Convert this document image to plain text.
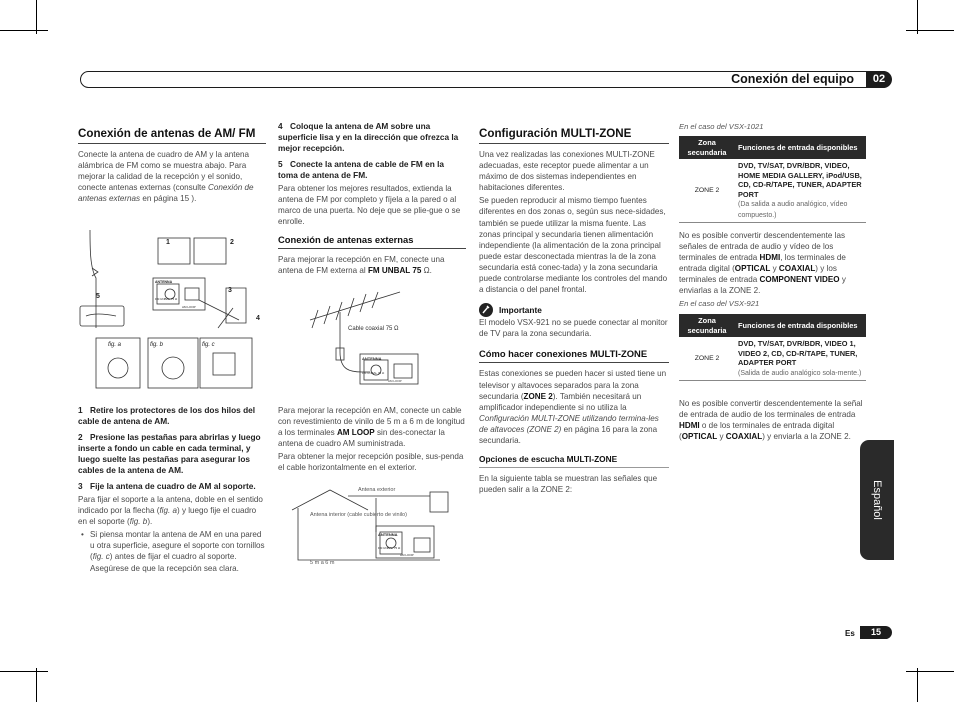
Conexión del equipo	02
Español
Es	15
Conexión de antenas de AM/ FM

Conecte la antena de cuadro de AM y la antena alámbrica de FM como se muestra abajo. Para mejorar la calidad de la recepción y el sonido, conecte antenas externas (consulte Conexión de antenas externas en página 15 ).

1	2
3
4
5
ANTENNA
FM UNBAL 75 Ω
AM LOOP
fig. a	fig. b	fig. c

1 Retire los protectores de los dos hilos del cable de antena de AM.

2 Presione las pestañas para abrirlas y luego inserte a fondo un cable en cada terminal, y luego suelte las pestañas para asegurar los cables de la antena de AM.

3 Fije la antena de cuadro de AM al soporte.

Para fijar el soporte a la antena, doble en el sentido indicado por la flecha (fig. a) y luego fije el cuadro en el soporte (fig. b).

• Si piensa montar la antena de AM en una pared u otra superficie, asegure el soporte con tornillos (fig. c) antes de fijar el cuadro al soporte. Asegúrese de que la recepción sea clara.

4 Coloque la antena de AM sobre una superficie lisa y en la dirección que ofrezca la mejor recepción.

5 Conecte la antena de cable de FM en la toma de antena de FM.

Para obtener los mejores resultados, extienda la antena de FM por completo y fíjela a la pared o al marco de una puerta. No deje que se plie-gue o se enrolle.

Conexión de antenas externas

Para mejorar la recepción en FM, conecte una antena de FM externa al FM UNBAL 75 Ω.

Cable coaxial 75 Ω
ANTENNA
FM UNBAL 75 Ω
AM LOOP

Para mejorar la recepción en AM, conecte un cable con revestimiento de vinilo de 5 m a 6 m de longitud a los terminales AM LOOP sin des-conectar la antena de cuadro AM suministrada.

Para obtener la mejor recepción posible, sus-penda el cable horizontalmente en el exterior.

Antena exterior
Antena interior (cable cubierto de vinilo)
5 m a 6 m
ANTENNA
FM UNBAL 75 Ω
AM LOOP
Configuración MULTI-ZONE

Una vez realizadas las conexiones MULTI-ZONE adecuadas, este receptor puede alimentar a un máximo de dos sistemas independientes en habitaciones diferentes.

Se pueden reproducir al mismo tiempo fuentes diferentes en dos zonas o, según sus nece-sidades, también se puede utilizar la misma fuente. Las zonas principal y secundaria tienen alimentación independiente (la alimentación de la zona principal puede estar desconectada mientras la de la zona secundaria está conec-tada) y la zona secundaria puede controlarse mediante los controles del mando a distancia o del panel frontal.

Importante

El modelo VSX-921 no se puede conectar al monitor de TV para la zona secundaria.

Cómo hacer conexiones MULTI-ZONE

Estas conexiones se pueden hacer si usted tiene un televisor y altavoces separados para la zona secundaria (ZONE 2). También necesitará un amplificador independiente si no utiliza la Configuración MULTI-ZONE utilizando termina-les de altavoces (ZONE 2) en página 16 para la zona secundaria.

Opciones de escucha MULTI-ZONE

En la siguiente tabla se muestran las señales que pueden salir a la ZONE 2:

En el caso del VSX-1021
Zona secundaria	Funciones de entrada disponibles
ZONE 2	DVD, TV/SAT, DVR/BDR, VIDEO, HOME MEDIA GALLERY, iPod/USB, CD, CD-R/TAPE, TUNER, ADAPTER PORT
(Da salida a audio analógico, vídeo compuesto.)

No es posible convertir descendentemente las señales de entrada de audio y vídeo de los terminales de entrada HDMI, los terminales de entrada digital (OPTICAL y COAXIAL) y los terminales de entrada COMPONENT VIDEO y enviarlas a la ZONE 2.

En el caso del VSX-921
Zona secundaria	Funciones de entrada disponibles
ZONE 2	DVD, TV/SAT, DVR/BDR, VIDEO 1, VIDEO 2, CD, CD-R/TAPE, TUNER, ADAPTER PORT
(Salida de audio analógico sola-mente.)

No es posible convertir descendentemente la señal de entrada de audio de los terminales de entrada HDMI o de los terminales de entrada digital (OPTICAL y COAXIAL) y enviarla a la ZONE 2.
